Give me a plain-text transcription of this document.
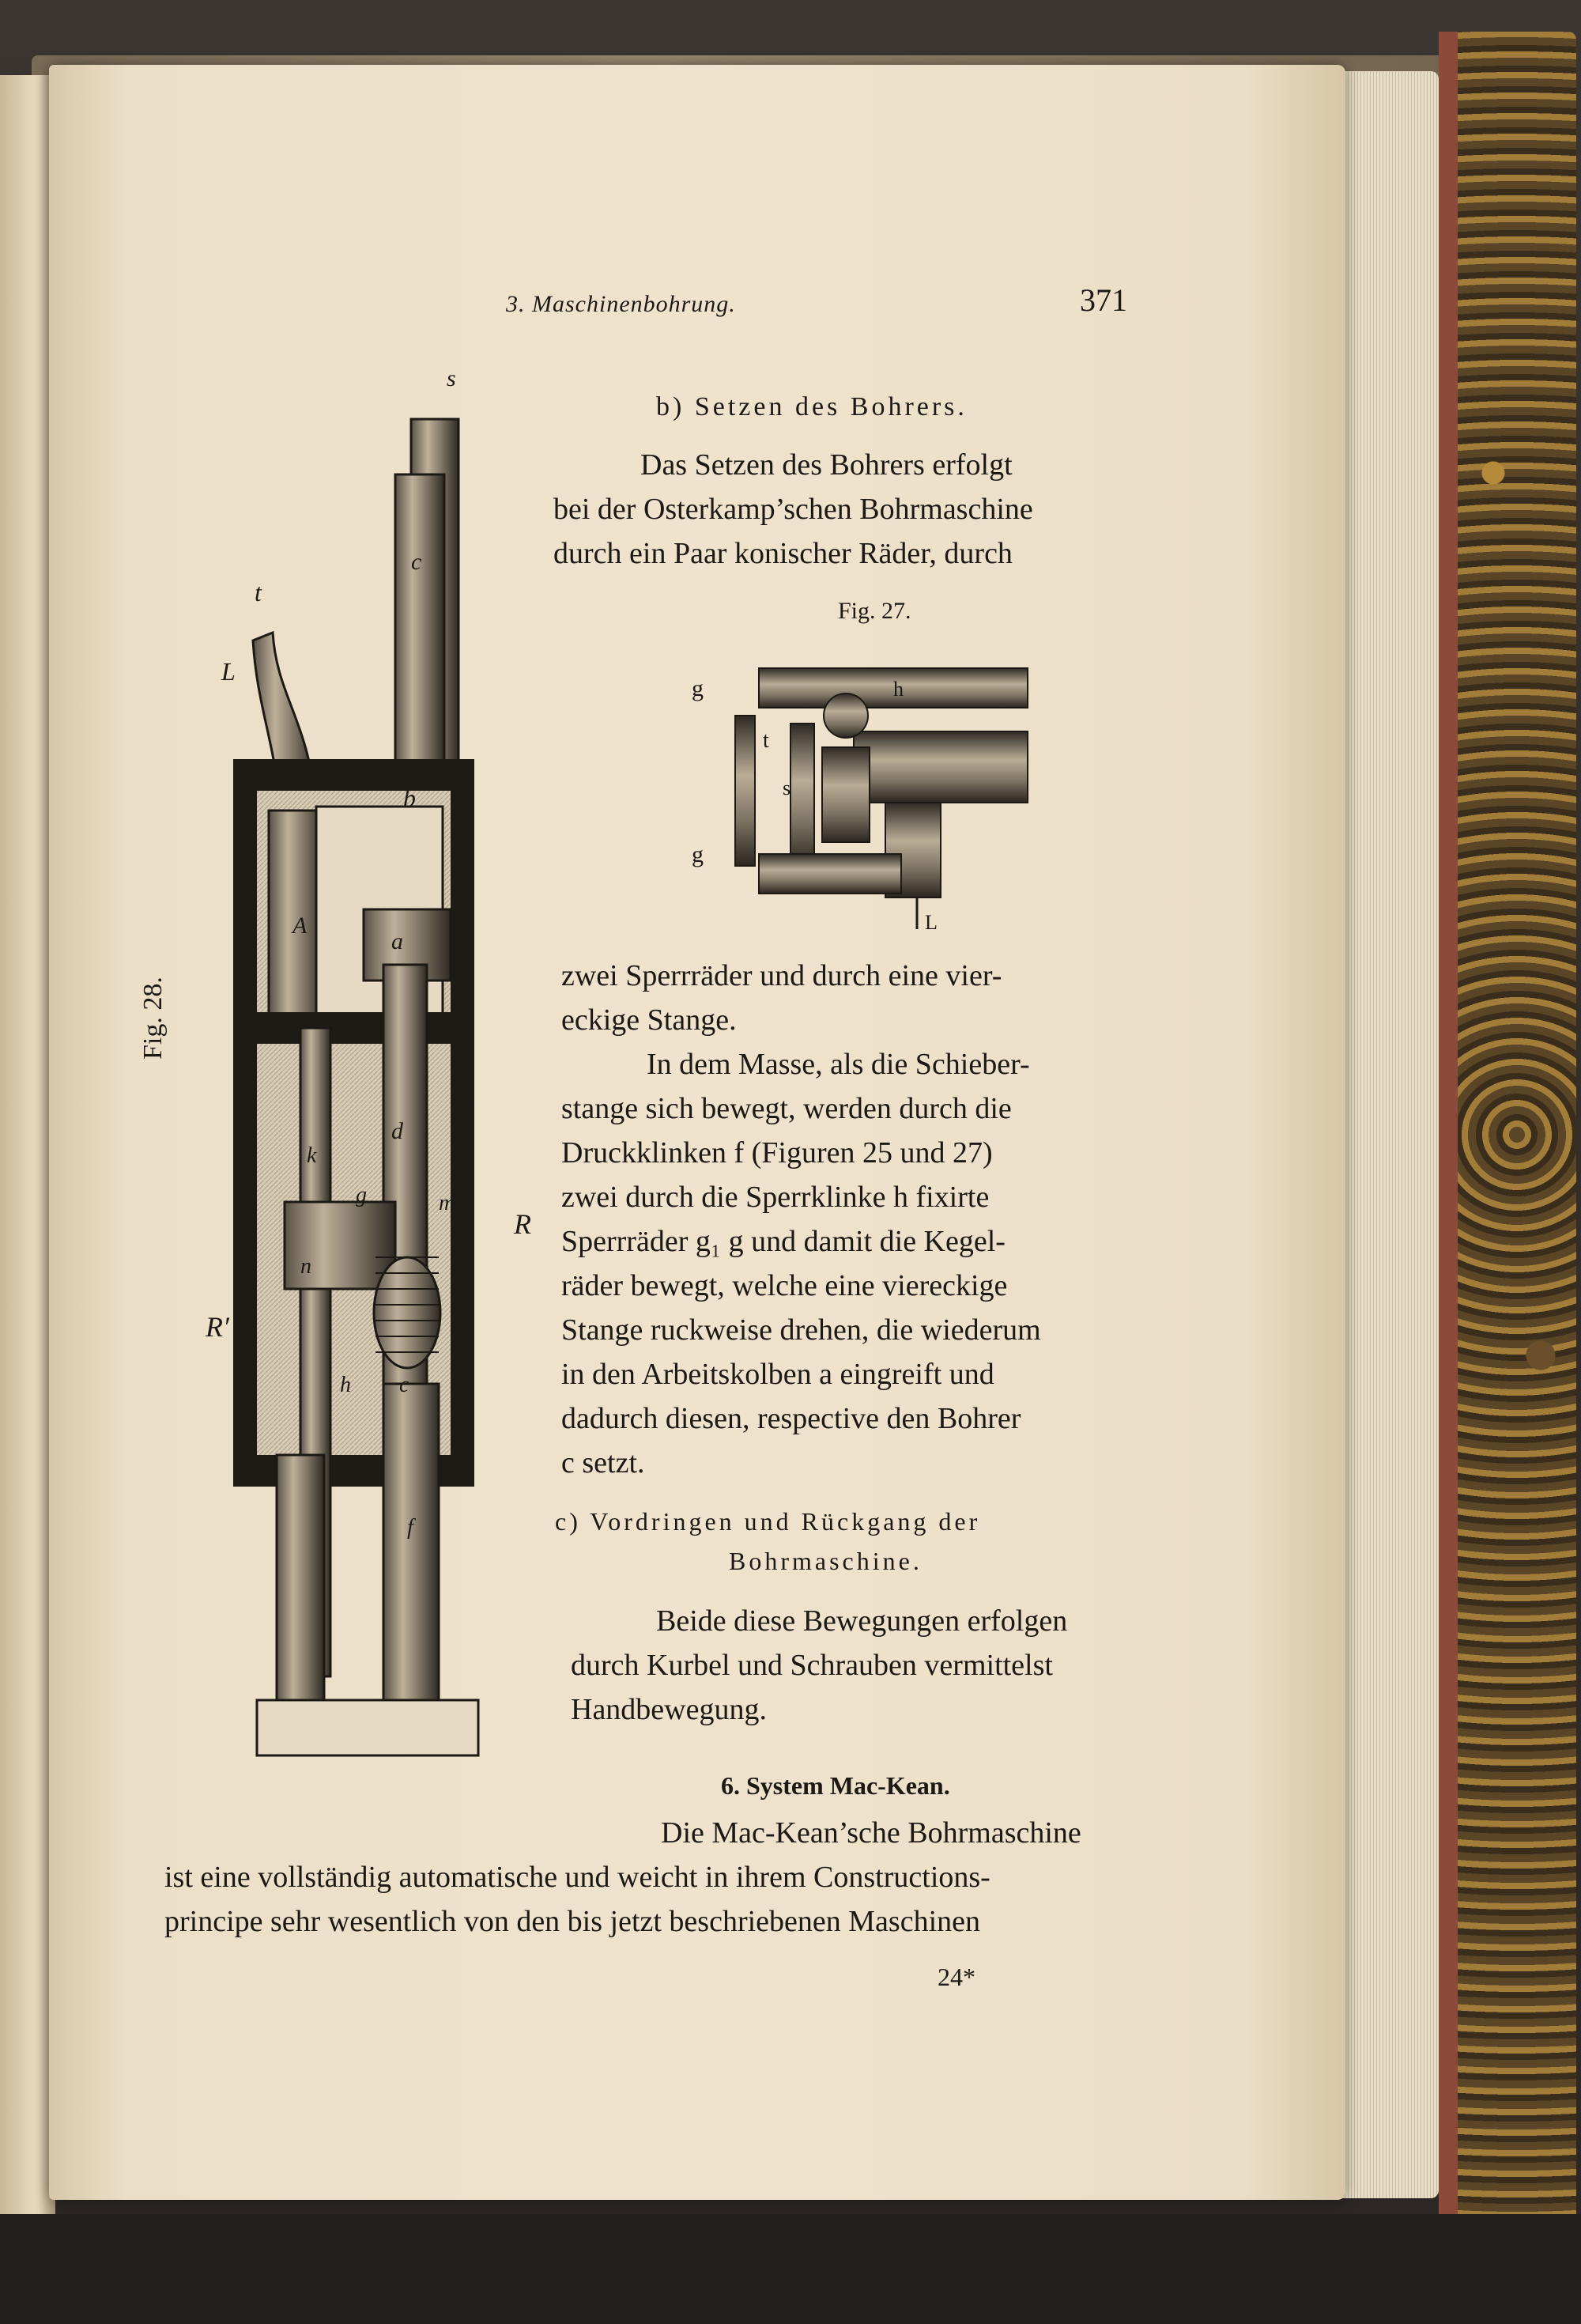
3. Maschinenbohrung.	371
s
t
L
c
b
A
a
d
k
g	m
n
h c
f
R
R′
Fig. 28.
b) Setzen des Bohrers.
Das Setzen des Bohrers erfolgt
bei der Osterkamp’schen Bohrmaschine
durch ein Paar konischer Räder, durch
Fig. 27.
g	h
t
s
g
L
zwei Sperrräder und durch eine vier-
eckige Stange.
In dem Masse, als die Schieber-
stange sich bewegt, werden durch die
Druckklinken f (Figuren 25 und 27)
zwei durch die Sperrklinke h fixirte
Sperrräder g₁ g und damit die Kegel-
räder bewegt, welche eine viereckige
Stange ruckweise drehen, die wiederum
in den Arbeitskolben a eingreift und
dadurch diesen, respective den Bohrer
c setzt.
c) Vordringen und Rückgang der
Bohrmaschine.
Beide diese Bewegungen erfolgen
durch Kurbel und Schrauben vermittelst
Handbewegung.
6. System Mac-Kean.
Die Mac-Kean’sche Bohrmaschine
ist eine vollständig automatische und weicht in ihrem Constructions-
principe sehr wesentlich von den bis jetzt beschriebenen Maschinen
24*
